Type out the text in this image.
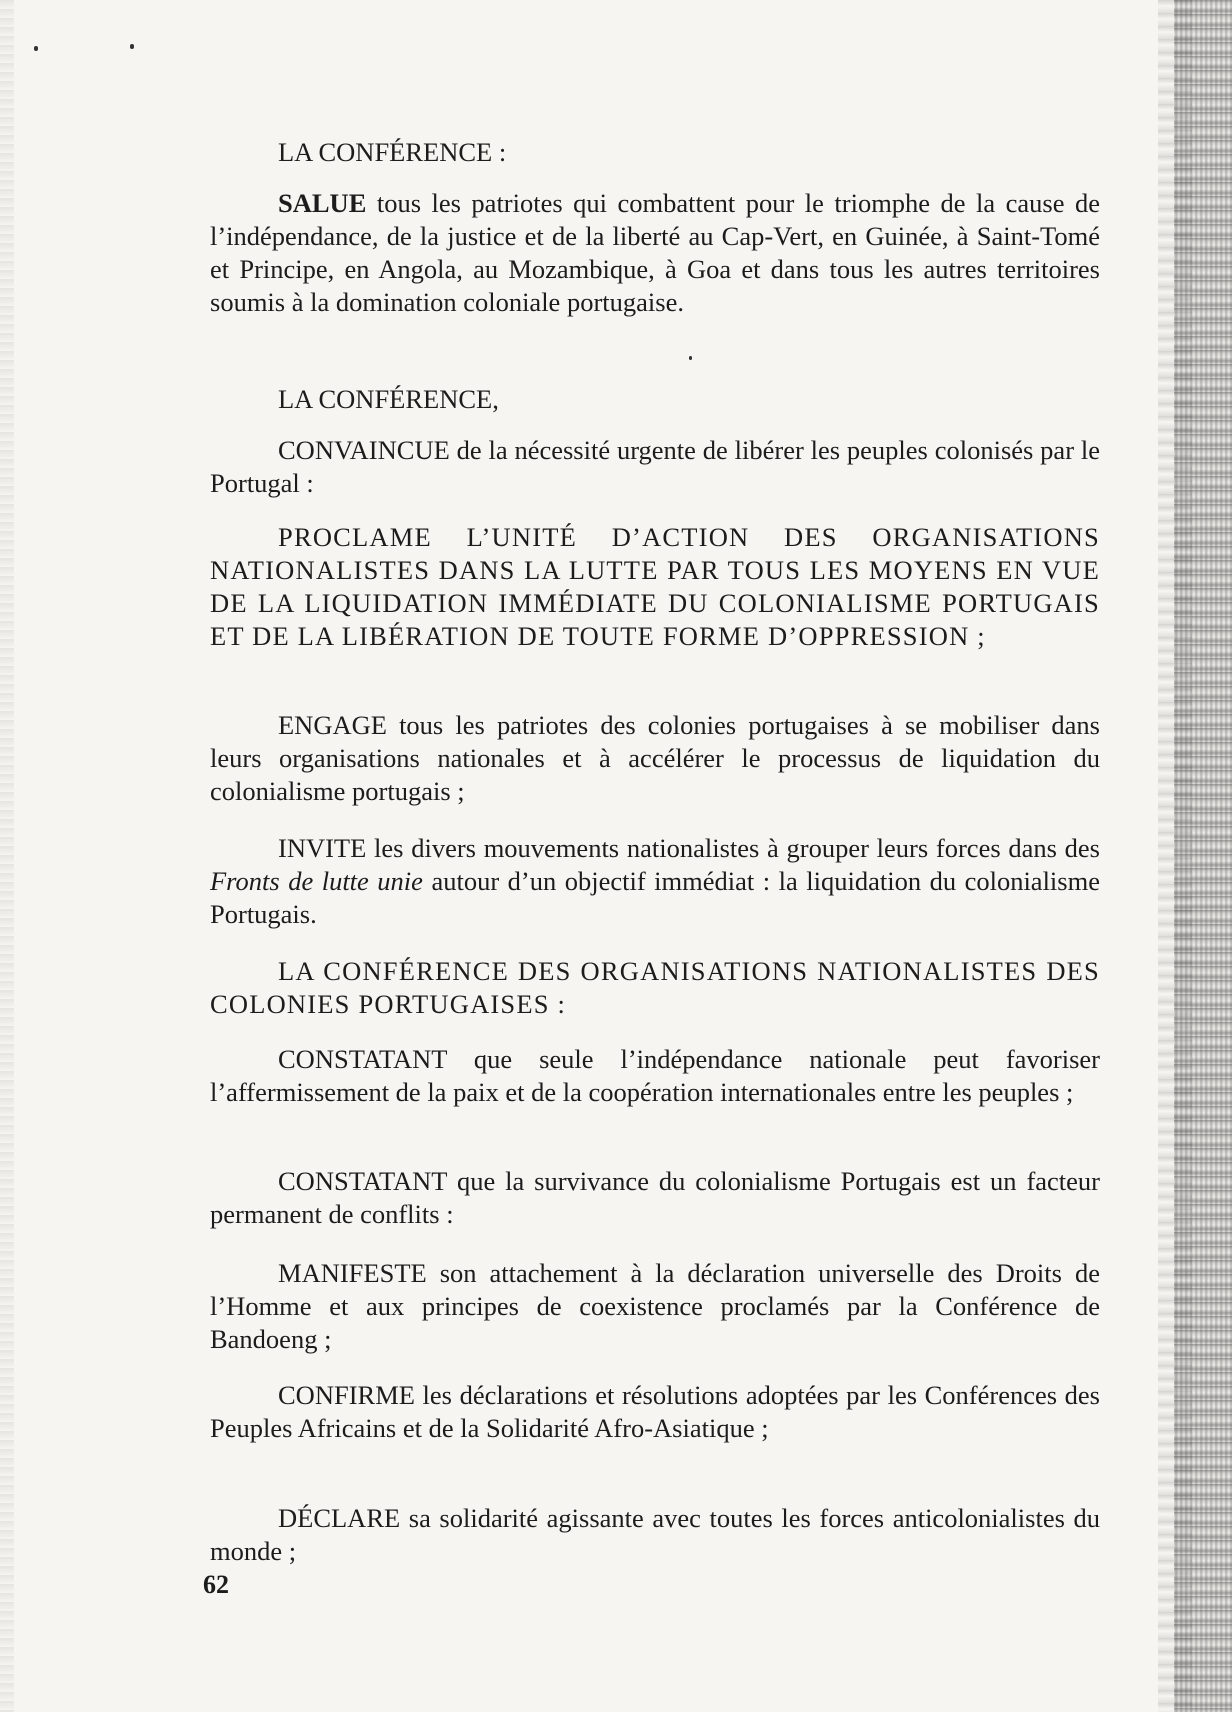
LA CONFÉRENCE :

SALUE tous les patriotes qui combattent pour le triomphe de la cause de l’indépendance, de la justice et de la liberté au Cap-Vert, en Guinée, à Saint-Tomé et Principe, en Angola, au Mozambique, à Goa et dans tous les autres territoires soumis à la domination coloniale portugaise.

LA CONFÉRENCE,

CONVAINCUE de la nécessité urgente de libérer les peuples colonisés par le Portugal :

PROCLAME L’UNITÉ D’ACTION DES ORGANISATIONS NATIONALISTES DANS LA LUTTE PAR TOUS LES MOYENS EN VUE DE LA LIQUIDATION IMMÉDIATE DU COLONIALISME PORTUGAIS ET DE LA LIBÉRATION DE TOUTE FORME D’OPPRESSION ;

ENGAGE tous les patriotes des colonies portugaises à se mobiliser dans leurs organisations nationales et à accélérer le processus de liquidation du colonialisme portugais ;

INVITE les divers mouvements nationalistes à grouper leurs forces dans des Fronts de lutte unie autour d’un objectif immédiat : la liquidation du colonialisme Portugais.

LA CONFÉRENCE DES ORGANISATIONS NATIONALISTES DES COLONIES PORTUGAISES :

CONSTATANT que seule l’indépendance nationale peut favoriser l’affermissement de la paix et de la coopération internationales entre les peuples ;

CONSTATANT que la survivance du colonialisme Portugais est un facteur permanent de conflits :

MANIFESTE son attachement à la déclaration universelle des Droits de l’Homme et aux principes de coexistence proclamés par la Conférence de Bandoeng ;

CONFIRME les déclarations et résolutions adoptées par les Conférences des Peuples Africains et de la Solidarité Afro-Asiatique ;

DÉCLARE sa solidarité agissante avec toutes les forces anticolonialistes du monde ;

62
